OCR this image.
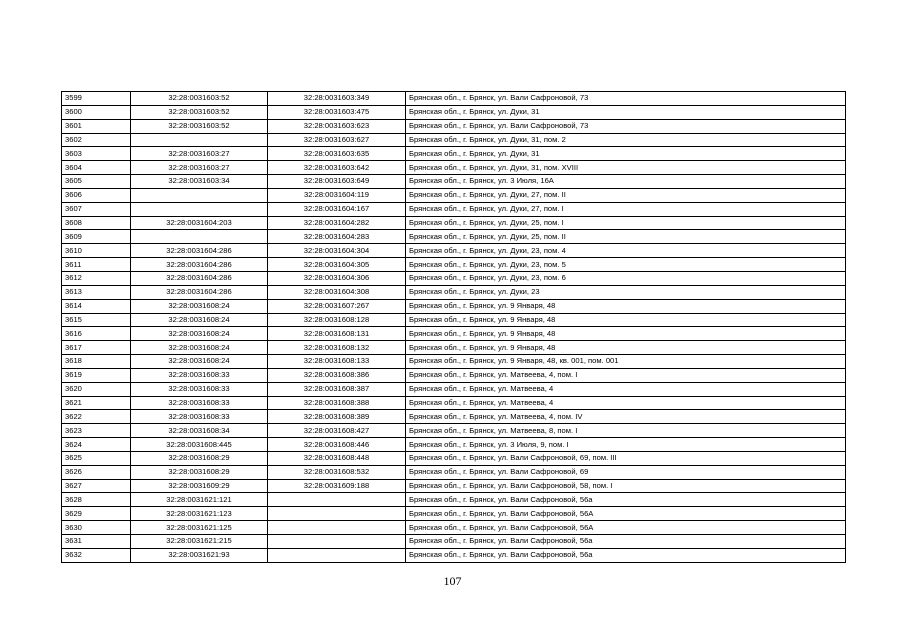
3599	32:28:0031603:52	32:28:0031603:349	Брянская обл., г. Брянск, ул. Вали Сафроновой, 73
3600	32:28:0031603:52	32:28:0031603:475	Брянская обл., г. Брянск, ул. Дуки, 31
3601	32:28:0031603:52	32:28:0031603:623	Брянская обл., г. Брянск, ул. Вали Сафроновой, 73
3602		32:28:0031603:627	Брянская обл., г. Брянск, ул. Дуки, 31, пом. 2
3603	32:28:0031603:27	32:28:0031603:635	Брянская обл., г. Брянск, ул. Дуки, 31
3604	32:28:0031603:27	32:28:0031603:642	Брянская обл., г. Брянск, ул. Дуки, 31, пом. XVIII
3605	32:28:0031603:34	32:28:0031603:649	Брянская обл., г. Брянск, ул. 3 Июля, 16А
3606		32:28:0031604:119	Брянская обл., г. Брянск, ул. Дуки, 27, пом. II
3607		32:28:0031604:167	Брянская обл., г. Брянск, ул. Дуки, 27, пом. I
3608	32:28:0031604:203	32:28:0031604:282	Брянская обл., г. Брянск, ул. Дуки, 25, пом. I
3609		32:28:0031604:283	Брянская обл., г. Брянск, ул. Дуки, 25, пом. II
3610	32:28:0031604:286	32:28:0031604:304	Брянская обл., г. Брянск, ул. Дуки, 23, пом. 4
3611	32:28:0031604:286	32:28:0031604:305	Брянская обл., г. Брянск, ул. Дуки, 23, пом. 5
3612	32:28:0031604:286	32:28:0031604:306	Брянская обл., г. Брянск, ул. Дуки, 23, пом. 6
3613	32:28:0031604:286	32:28:0031604:308	Брянская обл., г. Брянск, ул. Дуки, 23
3614	32:28:0031608:24	32:28:0031607:267	Брянская обл., г. Брянск, ул. 9 Января, 48
3615	32:28:0031608:24	32:28:0031608:128	Брянская обл., г. Брянск, ул. 9 Января, 48
3616	32:28:0031608:24	32:28:0031608:131	Брянская обл., г. Брянск, ул. 9 Января, 48
3617	32:28:0031608:24	32:28:0031608:132	Брянская обл., г. Брянск, ул. 9 Января, 48
3618	32:28:0031608:24	32:28:0031608:133	Брянская обл., г. Брянск, ул. 9 Января, 48, кв. 001, пом. 001
3619	32:28:0031608:33	32:28:0031608:386	Брянская обл., г. Брянск, ул. Матвеева, 4, пом. I
3620	32:28:0031608:33	32:28:0031608:387	Брянская обл., г. Брянск, ул. Матвеева, 4
3621	32:28:0031608:33	32:28:0031608:388	Брянская обл., г. Брянск, ул. Матвеева, 4
3622	32:28:0031608:33	32:28:0031608:389	Брянская обл., г. Брянск, ул. Матвеева, 4, пом. IV
3623	32:28:0031608:34	32:28:0031608:427	Брянская обл., г. Брянск, ул. Матвеева, 8, пом. I
3624	32:28:0031608:445	32:28:0031608:446	Брянская обл., г. Брянск, ул. 3 Июля, 9, пом. I
3625	32:28:0031608:29	32:28:0031608:448	Брянская обл., г. Брянск, ул. Вали Сафроновой, 69, пом. III
3626	32:28:0031608:29	32:28:0031608:532	Брянская обл., г. Брянск, ул. Вали Сафроновой, 69
3627	32:28:0031609:29	32:28:0031609:188	Брянская обл., г. Брянск, ул. Вали Сафроновой, 58, пом. I
3628	32:28:0031621:121		Брянская обл., г. Брянск, ул. Вали Сафроновой, 56а
3629	32:28:0031621:123		Брянская обл., г. Брянск, ул. Вали Сафроновой, 56А
3630	32:28:0031621:125		Брянская обл., г. Брянск, ул. Вали Сафроновой, 56А
3631	32:28:0031621:215		Брянская обл., г. Брянск, ул. Вали Сафроновой, 56а
3632	32:28:0031621:93		Брянская обл., г. Брянск, ул. Вали Сафроновой, 56а
107
